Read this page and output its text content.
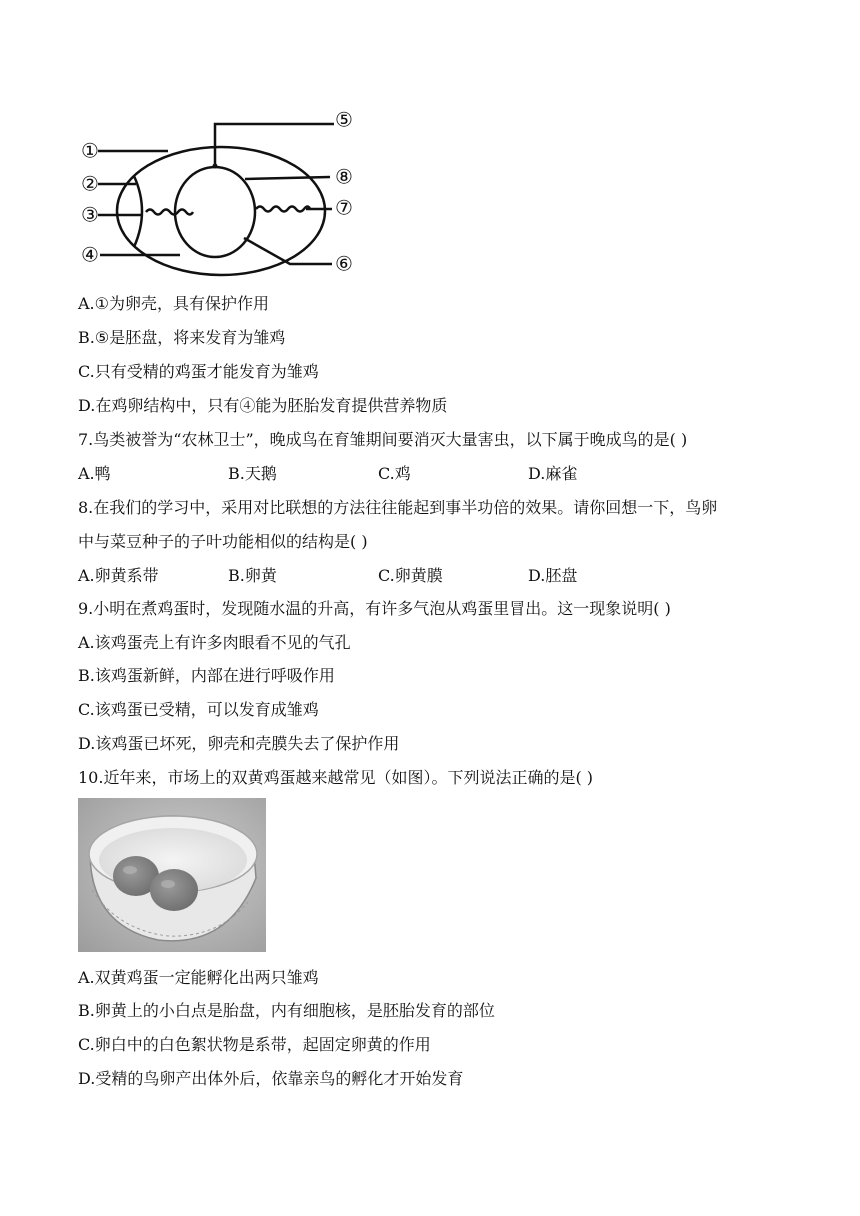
①
②
③
④
⑤
⑥
⑦
⑧
A.①为卵壳，具有保护作用
B.⑤是胚盘，将来发育为雏鸡
C.只有受精的鸡蛋才能发育为雏鸡
D.在鸡卵结构中，只有④能为胚胎发育提供营养物质
7.鸟类被誉为“农林卫士”，晚成鸟在育雏期间要消灭大量害虫，以下属于晚成鸟的是( )
A.鸭	B.天鹅	C.鸡	D.麻雀
8.在我们的学习中，采用对比联想的方法往往能起到事半功倍的效果。请你回想一下，鸟卵
中与菜豆种子的子叶功能相似的结构是( )
A.卵黄系带	B.卵黄	C.卵黄膜	D.胚盘
9.小明在煮鸡蛋时，发现随水温的升高，有许多气泡从鸡蛋里冒出。这一现象说明( )
A.该鸡蛋壳上有许多肉眼看不见的气孔
B.该鸡蛋新鲜，内部在进行呼吸作用
C.该鸡蛋已受精，可以发育成雏鸡
D.该鸡蛋已坏死，卵壳和壳膜失去了保护作用
10.近年来，市场上的双黄鸡蛋越来越常见（如图）。下列说法正确的是( )
A.双黄鸡蛋一定能孵化出两只雏鸡
B.卵黄上的小白点是胎盘，内有细胞核，是胚胎发育的部位
C.卵白中的白色絮状物是系带，起固定卵黄的作用
D.受精的鸟卵产出体外后，依靠亲鸟的孵化才开始发育
